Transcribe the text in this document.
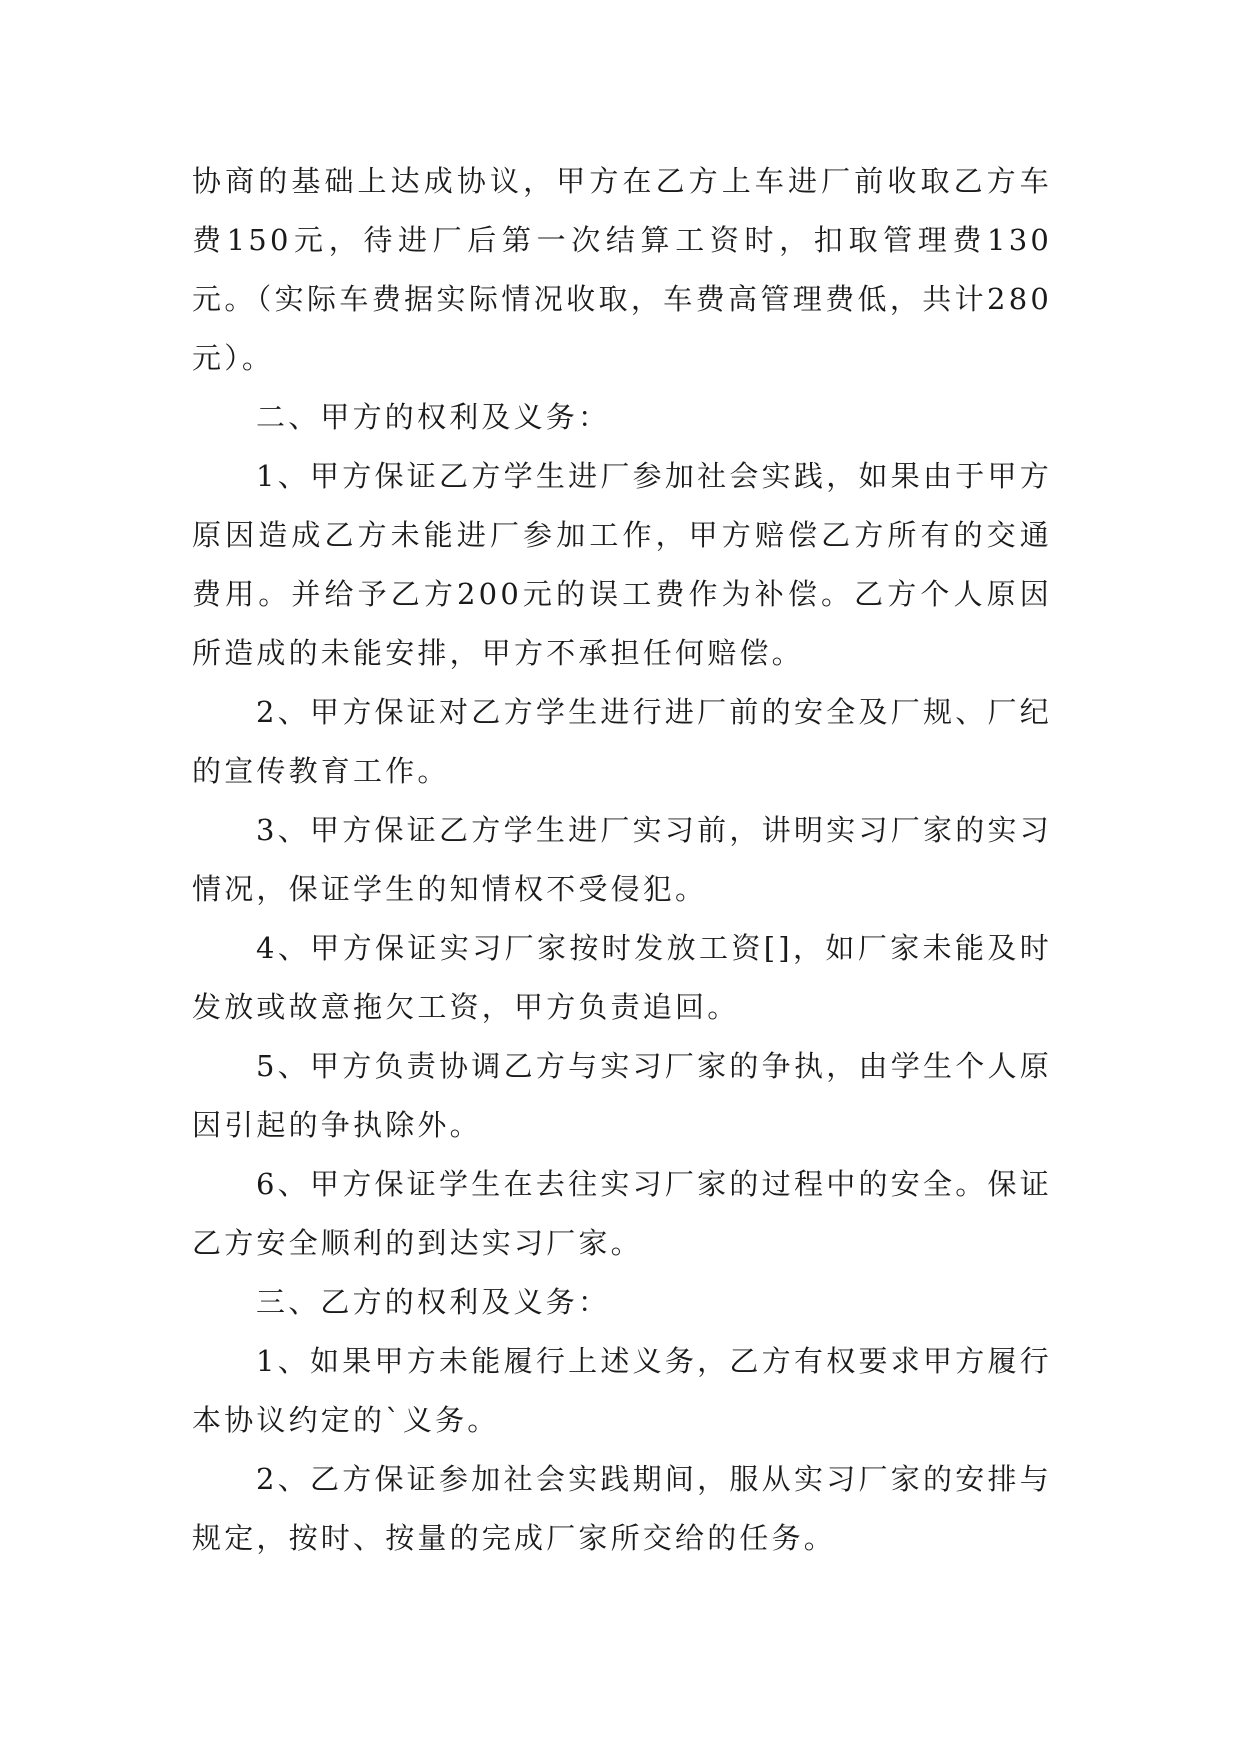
协商的基础上达成协议，甲方在乙方上车进厂前收取乙方车费150元，待进厂后第一次结算工资时，扣取管理费130元。（实际车费据实际情况收取，车费高管理费低，共计280元）。

二、甲方的权利及义务：

1、甲方保证乙方学生进厂参加社会实践，如果由于甲方原因造成乙方未能进厂参加工作，甲方赔偿乙方所有的交通费用。并给予乙方200元的误工费作为补偿。乙方个人原因所造成的未能安排，甲方不承担任何赔偿。

2、甲方保证对乙方学生进行进厂前的安全及厂规、厂纪的宣传教育工作。

3、甲方保证乙方学生进厂实习前，讲明实习厂家的实习情况，保证学生的知情权不受侵犯。

4、甲方保证实习厂家按时发放工资[]，如厂家未能及时发放或故意拖欠工资，甲方负责追回。

5、甲方负责协调乙方与实习厂家的争执，由学生个人原因引起的争执除外。

6、甲方保证学生在去往实习厂家的过程中的安全。保证乙方安全顺利的到达实习厂家。

三、乙方的权利及义务：

1、如果甲方未能履行上述义务，乙方有权要求甲方履行本协议约定的`义务。

2、乙方保证参加社会实践期间，服从实习厂家的安排与规定，按时、按量的完成厂家所交给的任务。
